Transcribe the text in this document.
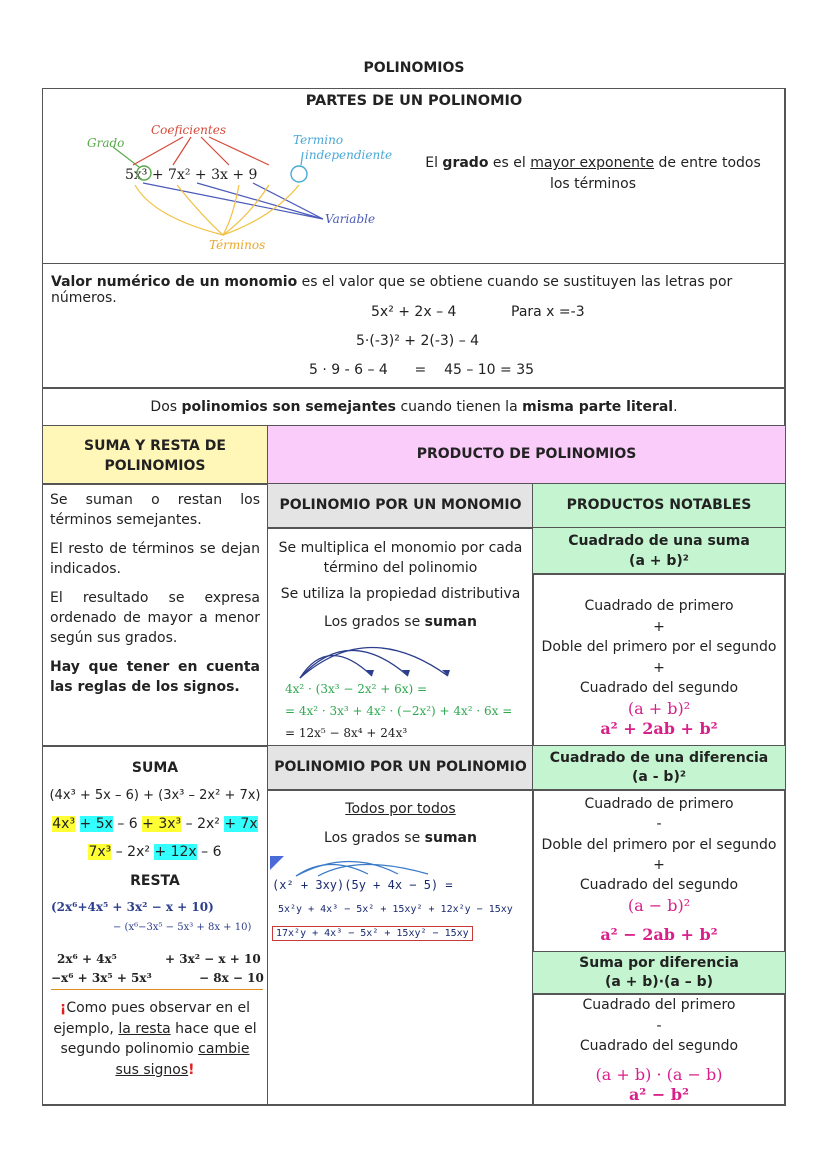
POLINOMIOS
PARTES DE UN POLINOMIO
Grado
Coeficientes
Termino
independiente
5x³ + 7x² + 3x + 9
Variable
Términos
El grado es el mayor exponente de entre todos los términos
Valor numérico de un monomio es el valor que se obtiene cuando se sustituyen las letras por números.
5x² + 2x – 4	Para x =-3
5·(-3)² + 2(-3) – 4
5 · 9 - 6 – 4      =    45 – 10 = 35
Dos polinomios son semejantes cuando tienen la misma parte literal.
SUMA Y RESTA DE POLINOMIOS
PRODUCTO DE POLINOMIOS

Se suman o restan los términos semejantes.

El resto de términos se dejan indicados.

El resultado se expresa ordenado de mayor a menor según sus grados.

Hay que tener en cuenta las reglas de los signos.

POLINOMIO POR UN MONOMIO
Se multiplica el monomio por cada término del polinomio
Se utiliza la propiedad distributiva
Los grados se suman
4x² · (3x³ − 2x² + 6x) =
= 4x² · 3x³ + 4x² · (−2x²) + 4x² · 6x =
= 12x⁵ − 8x⁴ + 24x³
PRODUCTOS NOTABLES
Cuadrado de una suma
(a + b)²
Cuadrado de primero
+
Doble del primero por el segundo
+
Cuadrado del segundo
(a + b)²
a² + 2ab + b²
SUMA
(4x³ + 5x – 6) + (3x³ – 2x² + 7x)
4x³ + 5x – 6 + 3x³ – 2x² + 7x
7x³ – 2x² + 12x – 6
RESTA
(2x⁶+4x⁵ + 3x² − x + 10)
− (x⁶−3x⁵ − 5x³ + 8x + 10)
2x⁶ + 4x⁵	+ 3x² − x + 10
−x⁶ + 3x⁵ + 5x³	− 8x − 10
¡Como pues observar en el ejemplo, la resta hace que el segundo polinomio cambie sus signos!
POLINOMIO POR UN POLINOMIO
Todos por todos
Los grados se suman
(x² + 3xy)(5y + 4x − 5) =
5x²y + 4x³ − 5x² + 15xy² + 12x²y − 15xy
17x²y + 4x³ − 5x² + 15xy² − 15xy
Cuadrado de una diferencia
(a - b)²
Cuadrado de primero
-
Doble del primero por el segundo
+
Cuadrado del segundo
(a − b)²
a² − 2ab + b²
Suma por diferencia
(a + b)·(a – b)
Cuadrado del primero
-
Cuadrado del segundo
(a + b) · (a − b)
a² − b²
